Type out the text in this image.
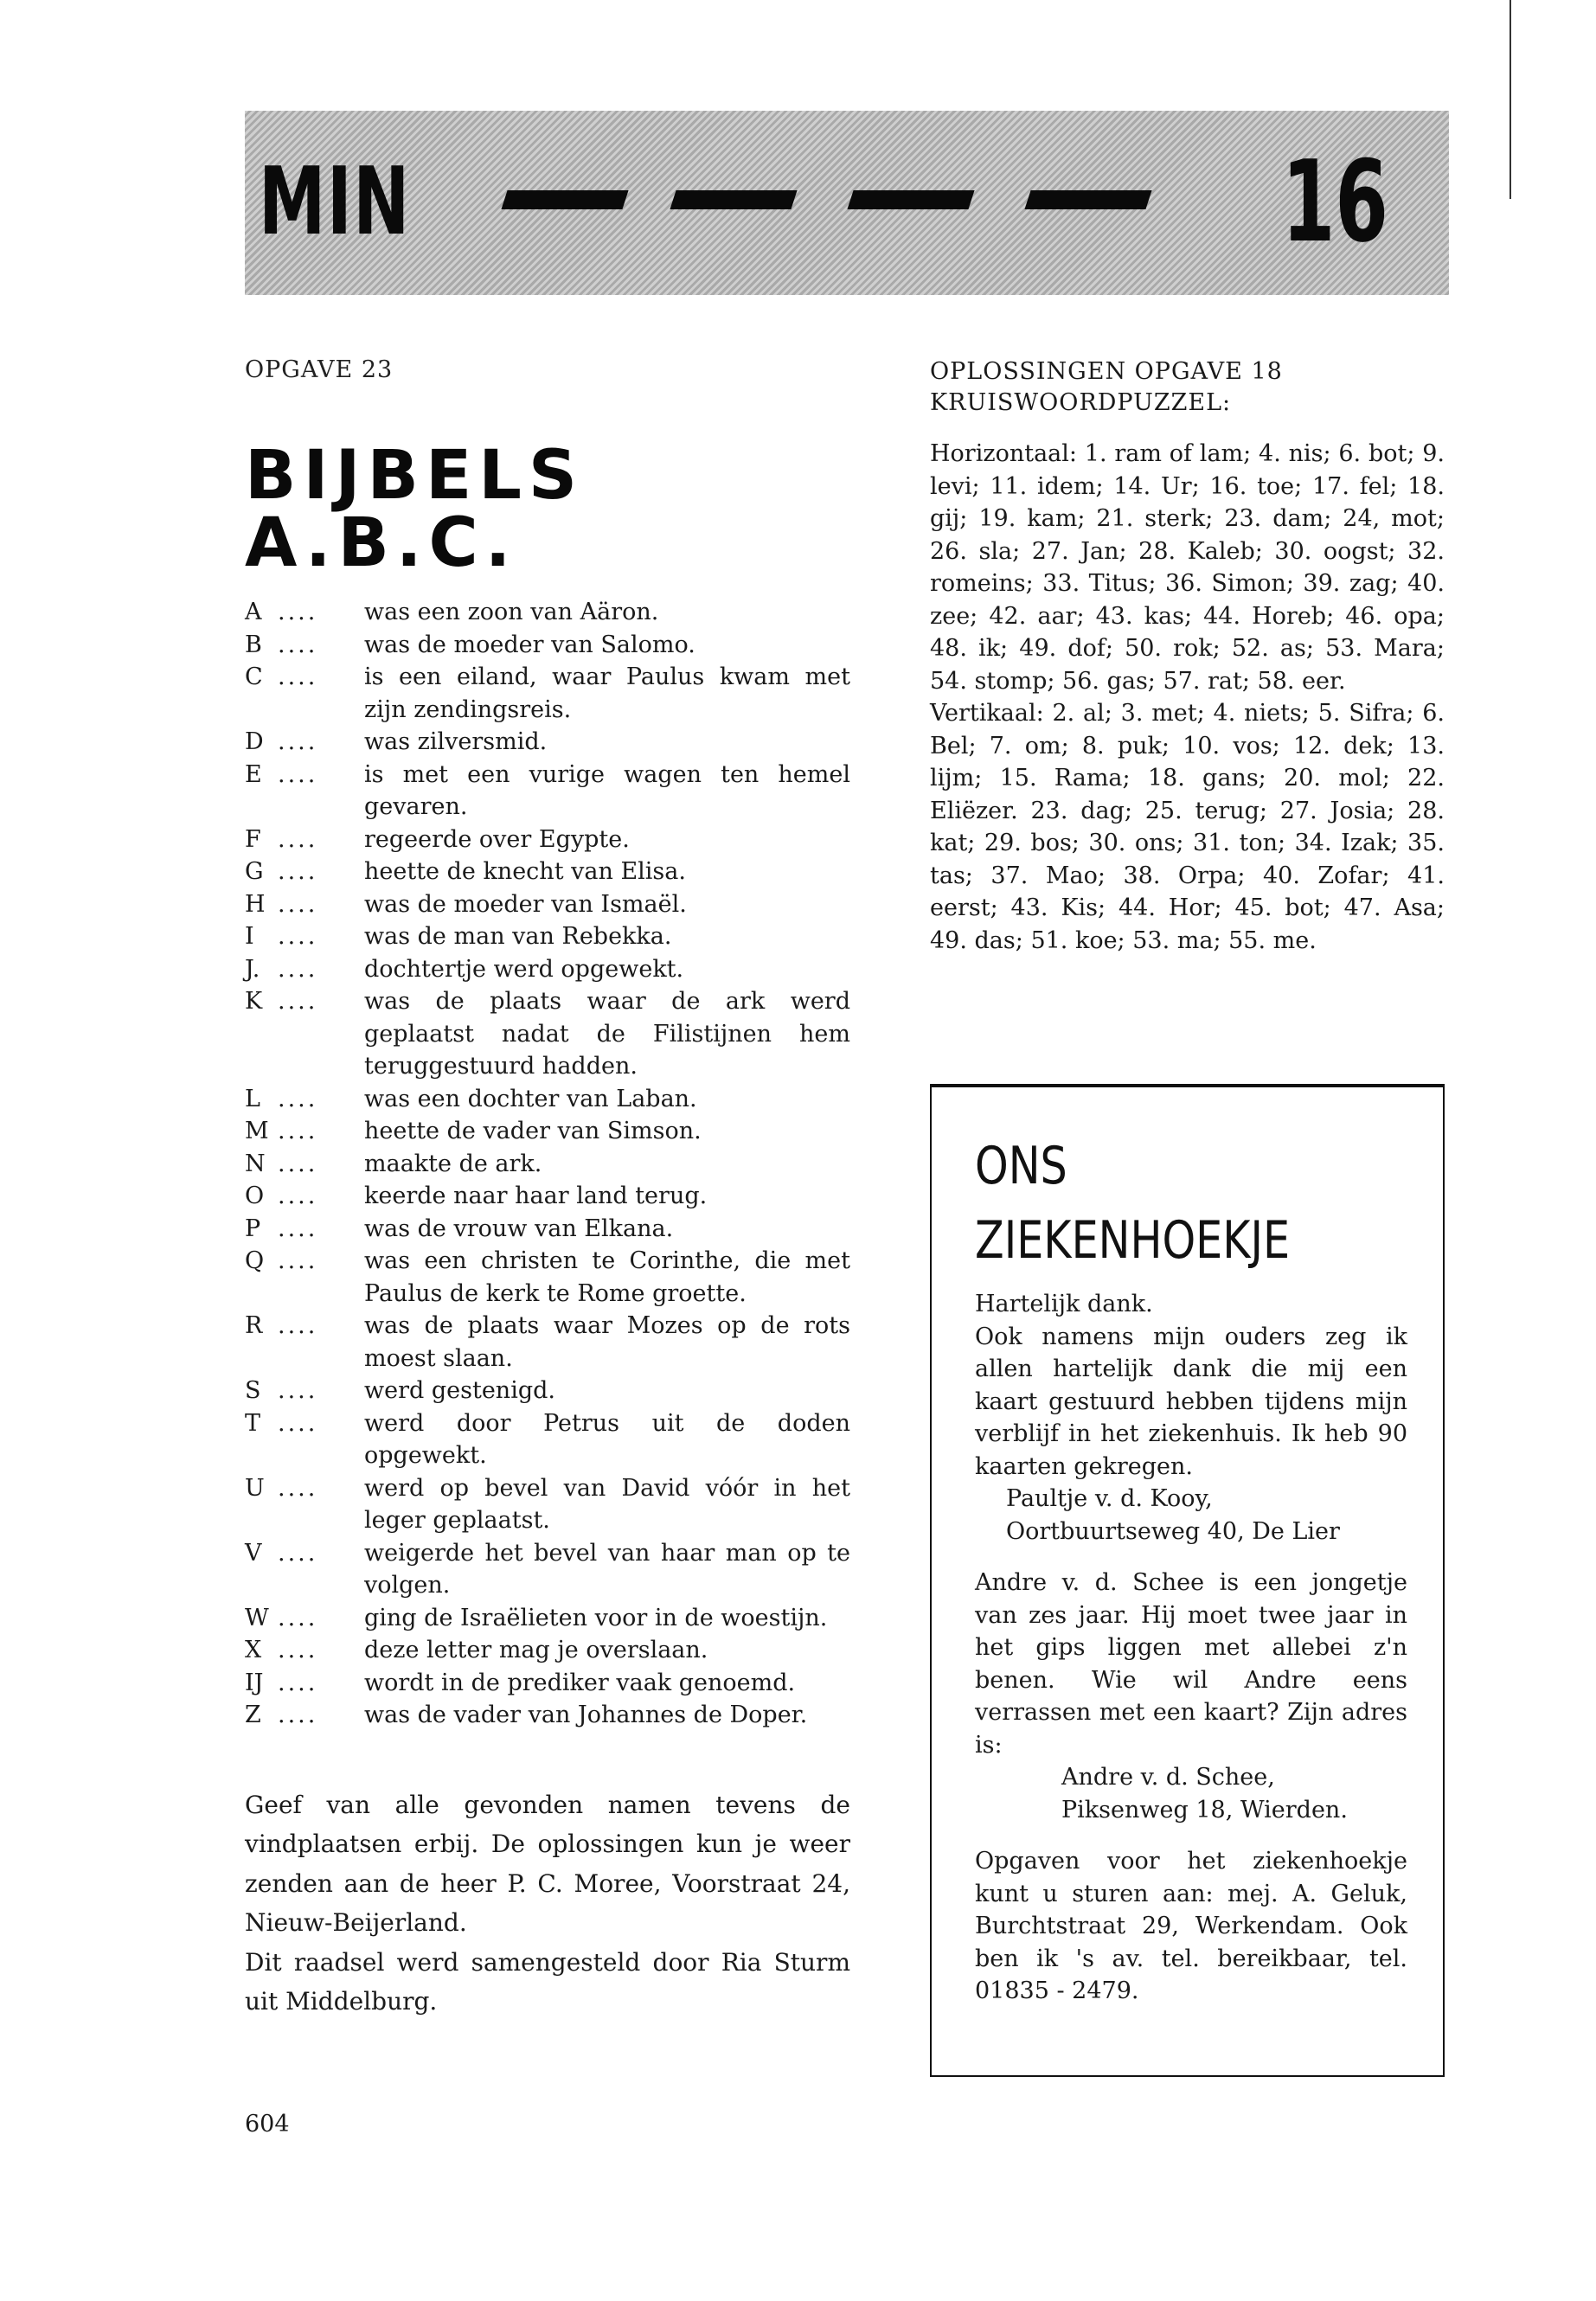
MIN	16
OPGAVE 23
BIJBELS A.B.C.
A ....	was een zoon van Aäron.
B ....	was de moeder van Salomo.
C ....	is een eiland, waar Paulus kwam met zijn zendingsreis.
D ....	was zilversmid.
E ....	is met een vurige wagen ten hemel gevaren.
F ....	regeerde over Egypte.
G ....	heette de knecht van Elisa.
H ....	was de moeder van Ismaël.
I	....	was de man van Rebekka.
J. ....	dochtertje werd opgewekt.
K ....	was de plaats waar de ark werd geplaatst nadat de Filistijnen hem teruggestuurd hadden.
L ....	was een dochter van Laban.
M ....	heette de vader van Simson.
N ....	maakte de ark.
O ....	keerde naar haar land terug.
P ....	was de vrouw van Elkana.
Q ....	was een christen te Corinthe, die met Paulus de kerk te Rome groette.
R ....	was de plaats waar Mozes op de rots moest slaan.
S ....	werd gestenigd.
T ....	werd door Petrus uit de doden opgewekt.
U ....	werd op bevel van David vóór in het leger geplaatst.
V ....	weigerde het bevel van haar man op te volgen.
W ....	ging de Israëlieten voor in de woestijn.
X ....	deze letter mag je overslaan.
IJ ....	wordt in de prediker vaak genoemd.
Z ....	was de vader van Johannes de Doper.

Geef van alle gevonden namen tevens de vindplaatsen erbij. De oplossingen kun je weer zenden aan de heer P. C. Moree, Voorstraat 24, Nieuw-Beijerland.

Dit raadsel werd samengesteld door Ria Sturm uit Middelburg.

604
OPLOSSINGEN OPGAVE 18
KRUISWOORDPUZZEL:
Horizontaal: 1. ram of lam; 4. nis; 6. bot; 9. levi; 11. idem; 14. Ur; 16. toe; 17. fel; 18. gij; 19. kam; 21. sterk; 23. dam; 24, mot; 26. sla; 27. Jan; 28. Kaleb; 30. oogst; 32. romeins; 33. Titus; 36. Simon; 39. zag; 40. zee; 42. aar; 43. kas; 44. Horeb; 46. opa; 48. ik; 49. dof; 50. rok; 52. as; 53. Mara; 54. stomp; 56. gas; 57. rat; 58. eer.
Vertikaal: 2. al; 3. met; 4. niets; 5. Sifra; 6. Bel; 7. om; 8. puk; 10. vos; 12. dek; 13. lijm; 15. Rama; 18. gans; 20. mol; 22. Eliëzer. 23. dag; 25. terug; 27. Josia; 28. kat; 29. bos; 30. ons; 31. ton; 34. Izak; 35. tas; 37. Mao; 38. Orpa; 40. Zofar; 41. eerst; 43. Kis; 44. Hor; 45. bot; 47. Asa; 49. das; 51. koe; 53. ma; 55. me.
ONS
ZIEKENHOEKJE

Hartelijk dank.

Ook namens mijn ouders zeg ik allen hartelijk dank die mij een kaart gestuurd hebben tijdens mijn verblijf in het ziekenhuis. Ik heb 90 kaarten gekregen.

Paultje v. d. Kooy,

Oortbuurtseweg 40, De Lier

Andre v. d. Schee is een jongetje van zes jaar. Hij moet twee jaar in het gips liggen met allebei z'n benen. Wie wil Andre eens verrassen met een kaart? Zijn adres is:

Andre v. d. Schee,

Piksenweg 18, Wierden.

Opgaven voor het ziekenhoekje kunt u sturen aan: mej. A. Geluk, Burchtstraat 29, Werkendam. Ook ben ik 's av. tel. bereikbaar, tel. 01835 - 2479.
